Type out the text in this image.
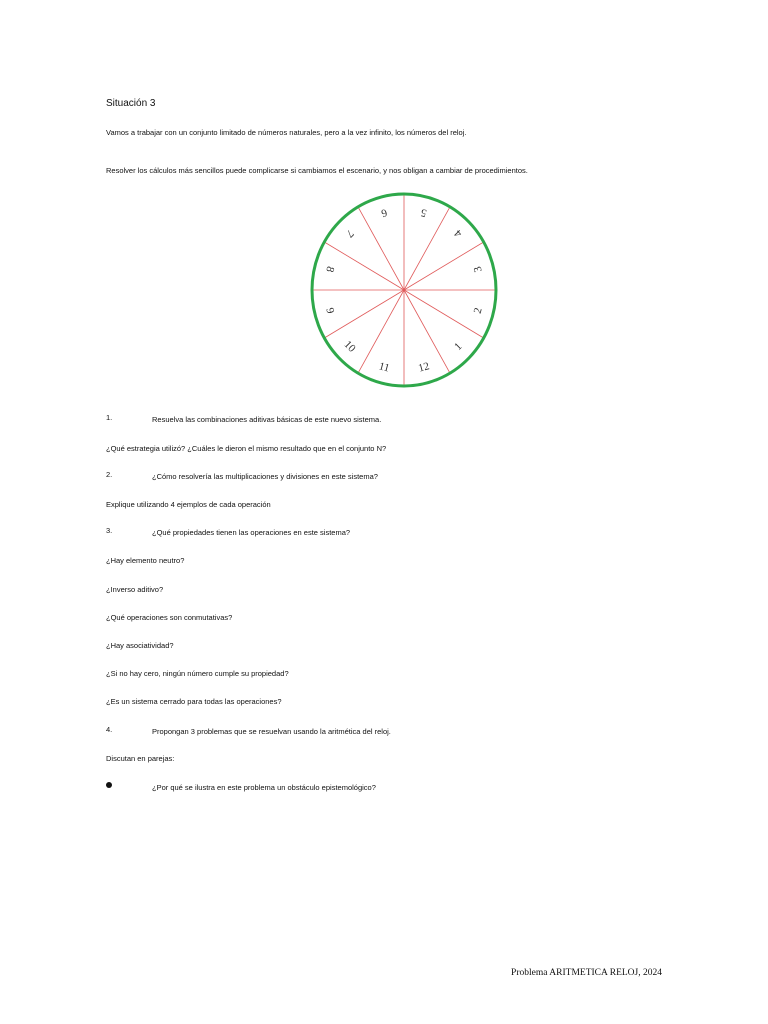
Situación 3
Vamos a trabajar con un conjunto limitado de números naturales, pero a la vez infinito, los números del reloj.
Resolver los cálculos más sencillos puede complicarse si cambiamos el escenario, y nos obligan a cambiar de procedimientos.
1
2
3
4
5
6
7
8
9
10
11 12
1.	Resuelva las combinaciones aditivas básicas de este nuevo sistema.
¿Qué estrategia utilizó? ¿Cuáles le dieron el mismo resultado que en el conjunto N?
2.	¿Cómo resolvería las multiplicaciones y divisiones en este sistema?
Explique utilizando 4 ejemplos de cada operación
3.	¿Qué propiedades tienen las operaciones en este sistema?
¿Hay elemento neutro?
¿Inverso aditivo?
¿Qué operaciones son conmutativas?
¿Hay asociatividad?
¿Si no hay cero, ningún número cumple su propiedad?
¿Es un sistema cerrado para todas las operaciones?
4.	Propongan 3 problemas que se resuelvan usando la aritmética del reloj.
Discutan en parejas:
¿Por qué se ilustra en este problema un obstáculo epistemológico?
Problema ARITMETICA RELOJ, 2024
